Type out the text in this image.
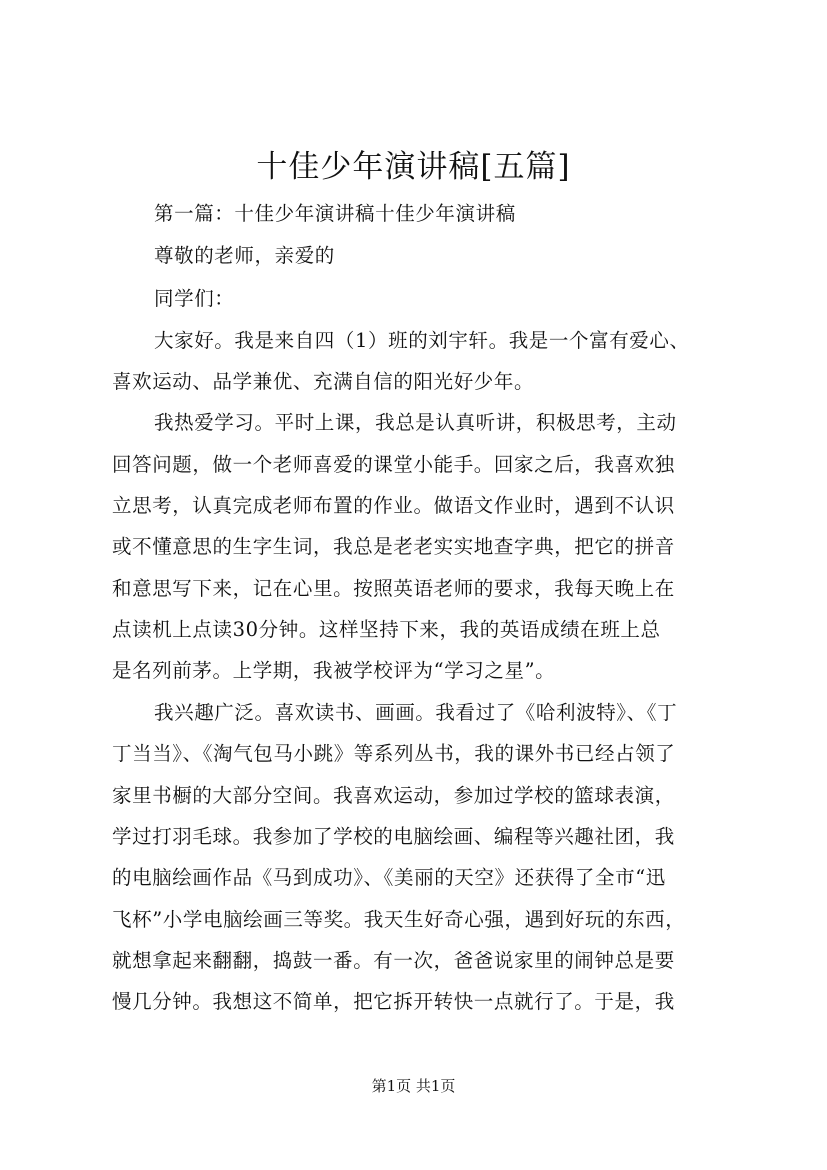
十佳少年演讲稿[五篇]
第一篇：十佳少年演讲稿十佳少年演讲稿
尊敬的老师，亲爱的
同学们：
大家好。我是来自四（1）班的刘宇轩。我是一个富有爱心、
喜欢运动、品学兼优、充满自信的阳光好少年。
我热爱学习。平时上课，我总是认真听讲，积极思考，主动
回答问题，做一个老师喜爱的课堂小能手。回家之后，我喜欢独
立思考，认真完成老师布置的作业。做语文作业时，遇到不认识
或不懂意思的生字生词，我总是老老实实地查字典，把它的拼音
和意思写下来，记在心里。按照英语老师的要求，我每天晚上在
点读机上点读30分钟。这样坚持下来，我的英语成绩在班上总
是名列前茅。上学期，我被学校评为“学习之星”。
我兴趣广泛。喜欢读书、画画。我看过了《哈利波特》、《丁
丁当当》、《淘气包马小跳》等系列丛书，我的课外书已经占领了
家里书橱的大部分空间。我喜欢运动，参加过学校的篮球表演，
学过打羽毛球。我参加了学校的电脑绘画、编程等兴趣社团，我
的电脑绘画作品《马到成功》、《美丽的天空》还获得了全市“迅
飞杯”小学电脑绘画三等奖。我天生好奇心强，遇到好玩的东西，
就想拿起来翻翻，捣鼓一番。有一次，爸爸说家里的闹钟总是要
慢几分钟。我想这不简单，把它拆开转快一点就行了。于是，我
第1页 共1页
